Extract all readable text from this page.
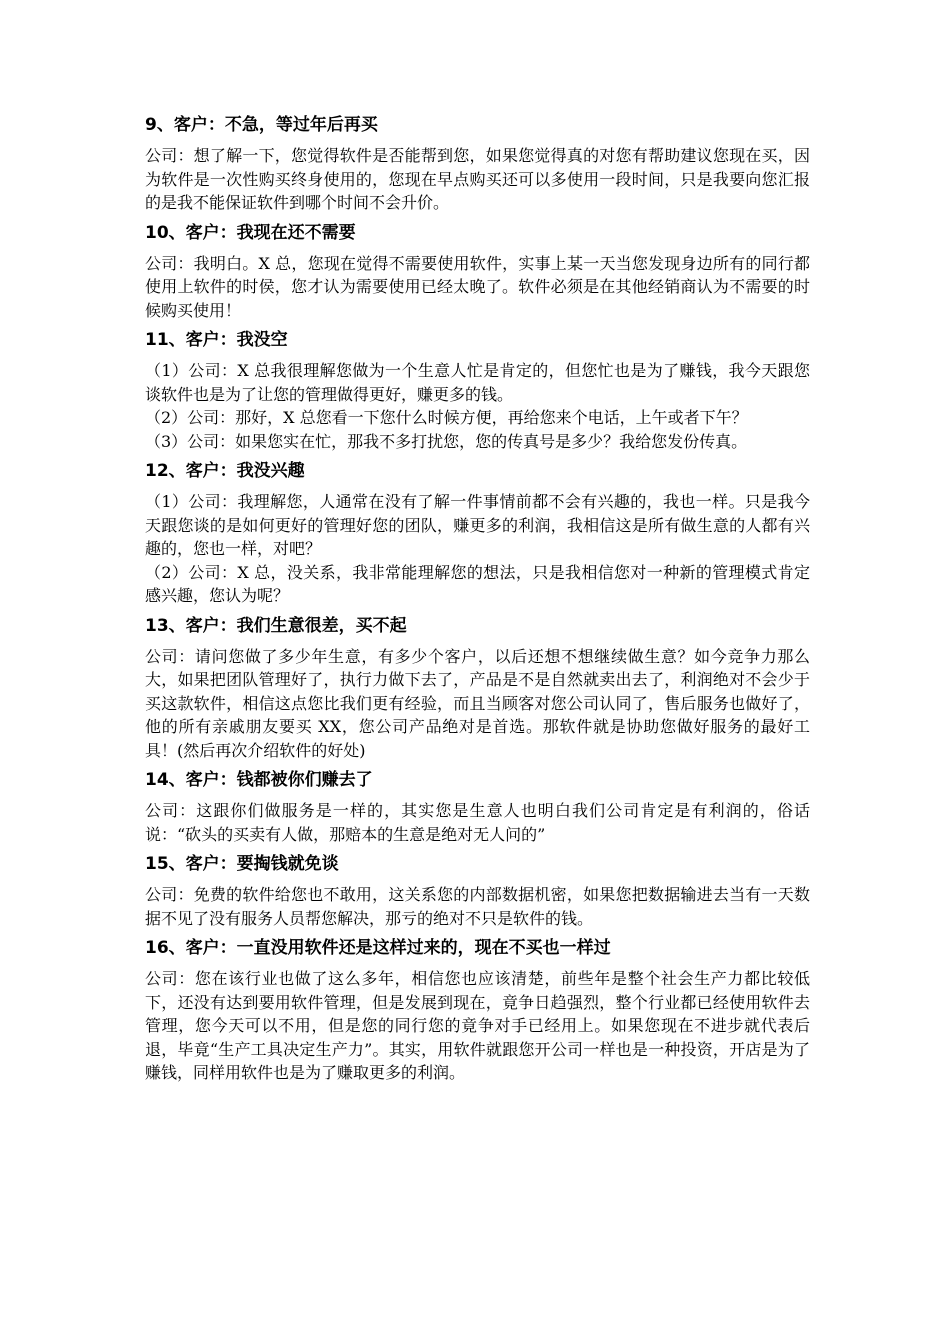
9、客户：不急，等过年后再买
公司：想了解一下，您觉得软件是否能帮到您，如果您觉得真的对您有帮助建议您现在买，因为软件是一次性购买终身使用的，您现在早点购买还可以多使用一段时间，只是我要向您汇报的是我不能保证软件到哪个时间不会升价。
10、客户：我现在还不需要
公司：我明白。X 总，您现在觉得不需要使用软件，实事上某一天当您发现身边所有的同行都使用上软件的时侯，您才认为需要使用已经太晚了。软件必须是在其他经销商认为不需要的时候购买使用！
11、客户：我没空
（1）公司：X 总我很理解您做为一个生意人忙是肯定的，但您忙也是为了赚钱，我今天跟您谈软件也是为了让您的管理做得更好，赚更多的钱。
（2）公司：那好，X 总您看一下您什么时候方便，再给您来个电话，上午或者下午？
（3）公司：如果您实在忙，那我不多打扰您，您的传真号是多少？我给您发份传真。
12、客户：我没兴趣
（1）公司：我理解您，人通常在没有了解一件事情前都不会有兴趣的，我也一样。只是我今天跟您谈的是如何更好的管理好您的团队，赚更多的利润，我相信这是所有做生意的人都有兴趣的，您也一样，对吧？
（2）公司：X 总，没关系，我非常能理解您的想法，只是我相信您对一种新的管理模式肯定感兴趣，您认为呢？
13、客户：我们生意很差，买不起
公司：请问您做了多少年生意，有多少个客户，以后还想不想继续做生意？如今竞争力那么大，如果把团队管理好了，执行力做下去了，产品是不是自然就卖出去了，利润绝对不会少于买这款软件，相信这点您比我们更有经验，而且当顾客对您公司认同了，售后服务也做好了，他的所有亲戚朋友要买 XX，您公司产品绝对是首选。那软件就是协助您做好服务的最好工具！(然后再次介绍软件的好处)
14、客户：钱都被你们赚去了
公司：这跟你们做服务是一样的，其实您是生意人也明白我们公司肯定是有利润的，俗话说：“砍头的买卖有人做，那赔本的生意是绝对无人问的”
15、客户：要掏钱就免谈
公司：免费的软件给您也不敢用，这关系您的内部数据机密，如果您把数据输进去当有一天数据不见了没有服务人员帮您解决，那亏的绝对不只是软件的钱。
16、客户：一直没用软件还是这样过来的，现在不买也一样过
公司：您在该行业也做了这么多年，相信您也应该清楚，前些年是整个社会生产力都比较低下，还没有达到要用软件管理，但是发展到现在，竟争日趋强烈，整个行业都已经使用软件去管理，您今天可以不用，但是您的同行您的竟争对手已经用上。如果您现在不进步就代表后退，毕竟“生产工具决定生产力”。其实，用软件就跟您开公司一样也是一种投资，开店是为了赚钱，同样用软件也是为了赚取更多的利润。
